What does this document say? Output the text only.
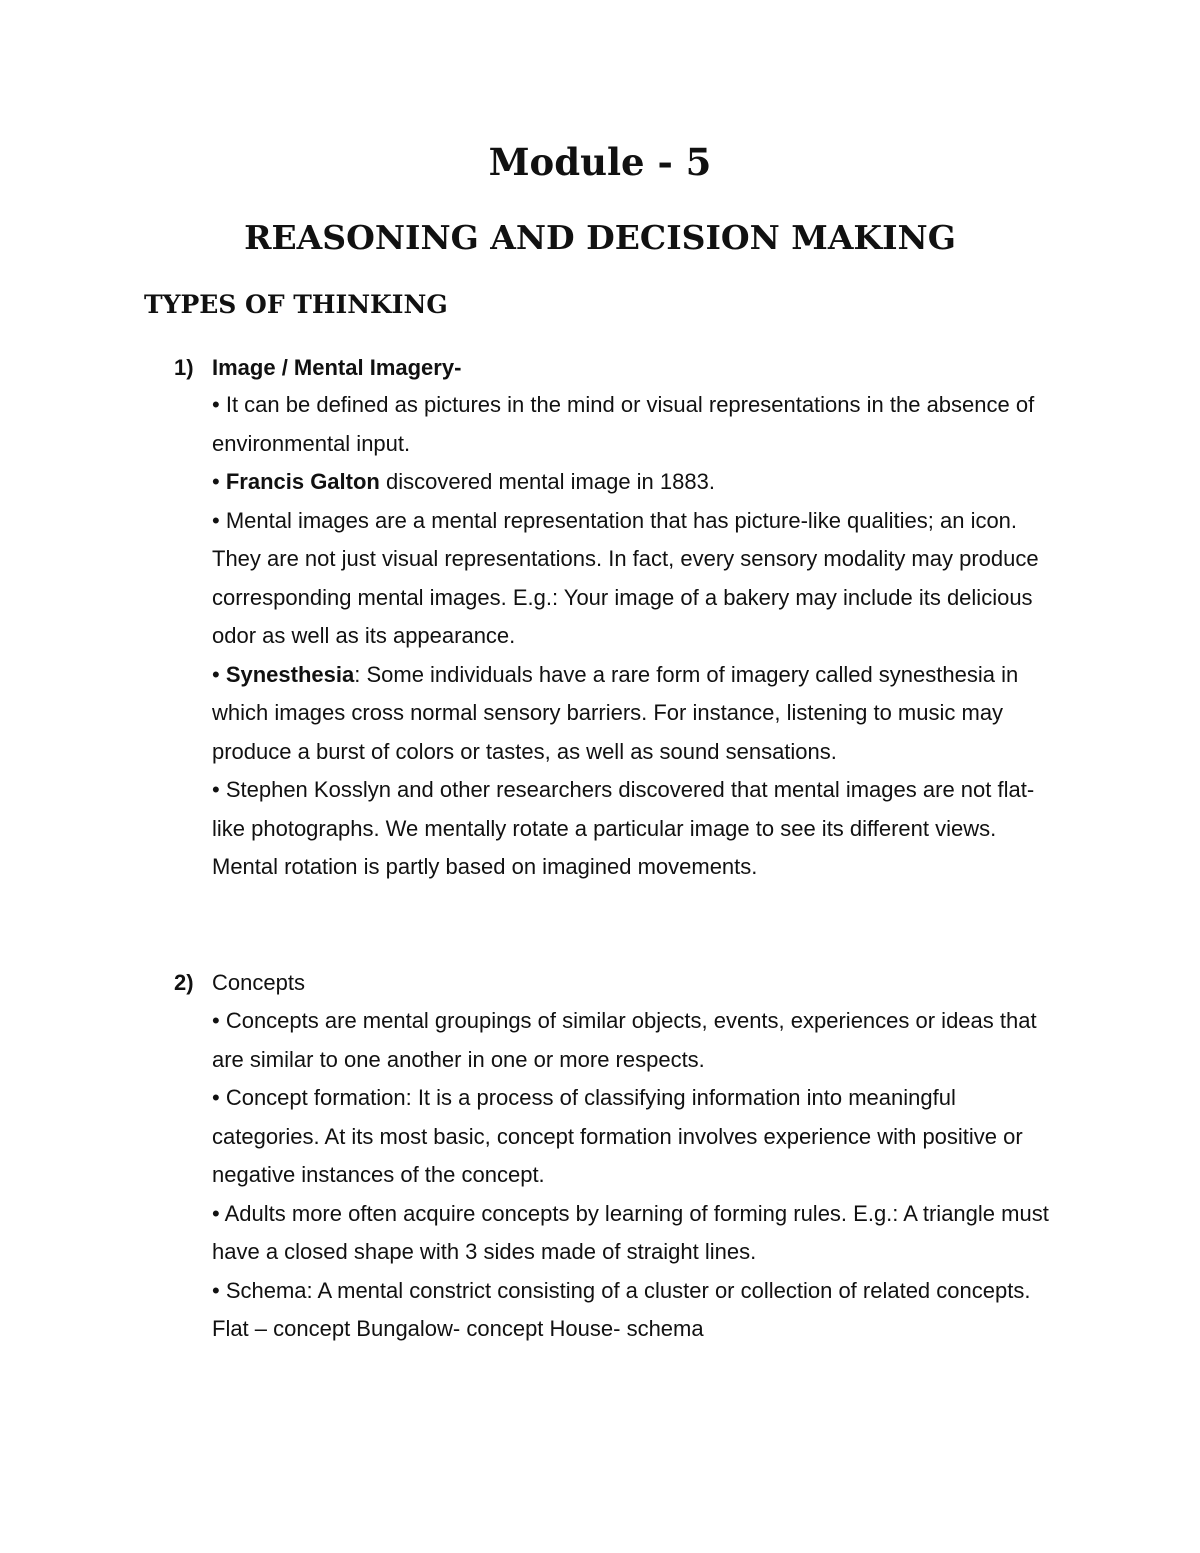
Module - 5
REASONING AND DECISION MAKING
TYPES OF THINKING
1) Image / Mental Imagery-

• It can be defined as pictures in the mind or visual representations in the absence of environmental input.

• Francis Galton discovered mental image in 1883.

• Mental images are a mental representation that has picture-like qualities; an icon. They are not just visual representations. In fact, every sensory modality may produce corresponding mental images. E.g.: Your image of a bakery may include its delicious odor as well as its appearance.

• Synesthesia: Some individuals have a rare form of imagery called synesthesia in which images cross normal sensory barriers. For instance, listening to music may produce a burst of colors or tastes, as well as sound sensations.

• Stephen Kosslyn and other researchers discovered that mental images are not flat-like photographs. We mentally rotate a particular image to see its different views. Mental rotation is partly based on imagined movements.

2) Concepts

• Concepts are mental groupings of similar objects, events, experiences or ideas that are similar to one another in one or more respects.

• Concept formation: It is a process of classifying information into meaningful categories. At its most basic, concept formation involves experience with positive or negative instances of the concept.

• Adults more often acquire concepts by learning of forming rules. E.g.: A triangle must have a closed shape with 3 sides made of straight lines.

• Schema: A mental constrict consisting of a cluster or collection of related concepts. Flat – concept Bungalow- concept House- schema
